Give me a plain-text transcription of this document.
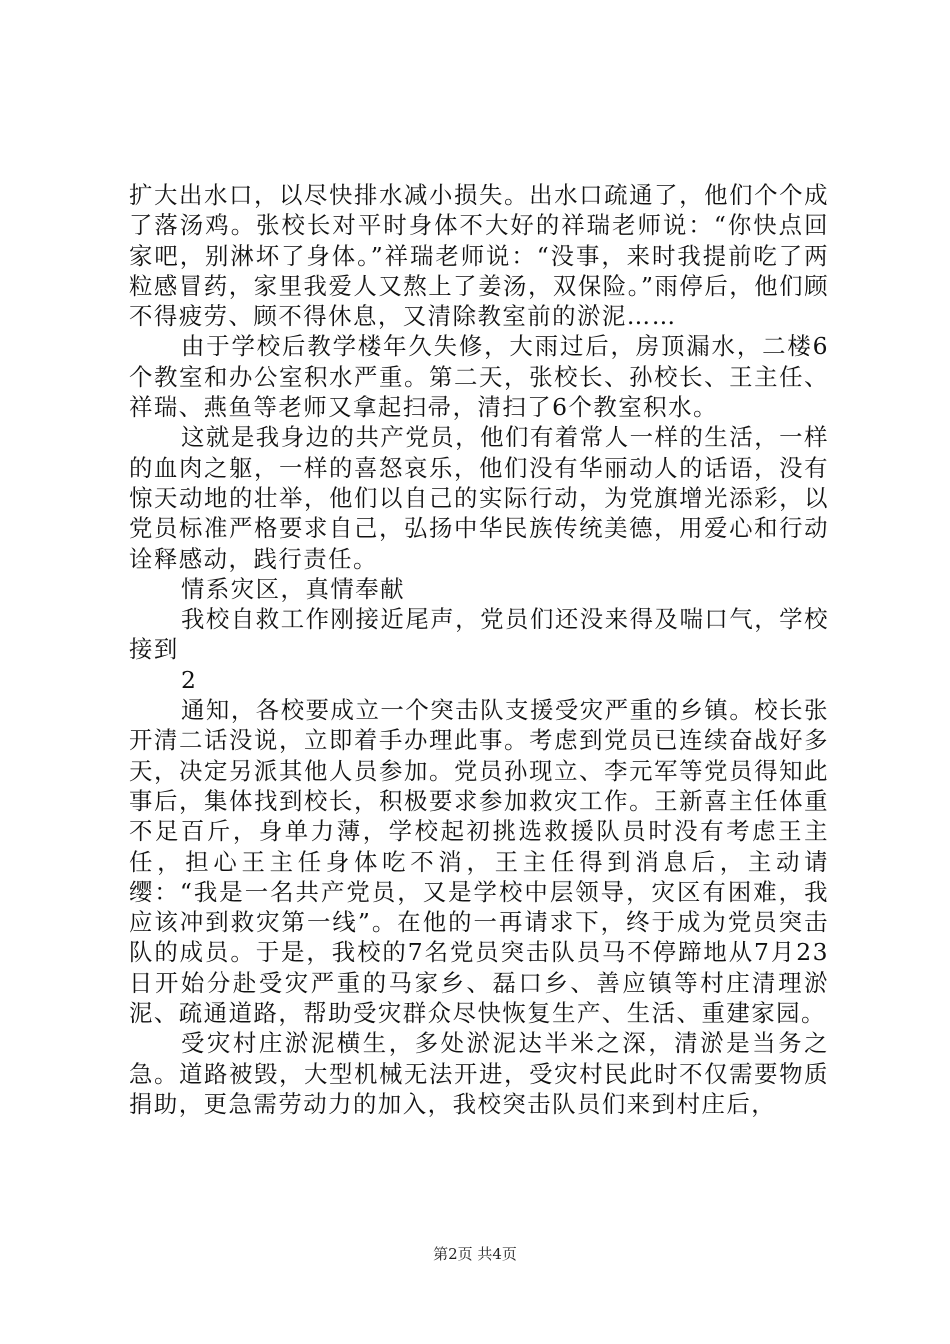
扩大出水口，以尽快排水减小损失。出水口疏通了，他们个个成了落汤鸡。张校长对平时身体不大好的祥瑞老师说：“你快点回家吧，别淋坏了身体。”祥瑞老师说：“没事，来时我提前吃了两粒感冒药，家里我爱人又熬上了姜汤，双保险。”雨停后，他们顾不得疲劳、顾不得休息，又清除教室前的淤泥……

由于学校后教学楼年久失修，大雨过后，房顶漏水，二楼6个教室和办公室积水严重。第二天，张校长、孙校长、王主任、祥瑞、燕鱼等老师又拿起扫帚，清扫了6个教室积水。

这就是我身边的共产党员，他们有着常人一样的生活，一样的血肉之躯，一样的喜怒哀乐，他们没有华丽动人的话语，没有惊天动地的壮举，他们以自己的实际行动，为党旗增光添彩，以党员标准严格要求自己，弘扬中华民族传统美德，用爱心和行动诠释感动，践行责任。

情系灾区，真情奉献

我校自救工作刚接近尾声，党员们还没来得及喘口气，学校接到

2

通知，各校要成立一个突击队支援受灾严重的乡镇。校长张开清二话没说，立即着手办理此事。考虑到党员已连续奋战好多天，决定另派其他人员参加。党员孙现立、李元军等党员得知此事后，集体找到校长，积极要求参加救灾工作。王新喜主任体重不足百斤，身单力薄，学校起初挑选救援队员时没有考虑王主任，担心王主任身体吃不消，王主任得到消息后，主动请缨：“我是一名共产党员，又是学校中层领导，灾区有困难，我应该冲到救灾第一线”。在他的一再请求下，终于成为党员突击队的成员。于是，我校的7名党员突击队员马不停蹄地从7月23日开始分赴受灾严重的马家乡、磊口乡、善应镇等村庄清理淤泥、疏通道路，帮助受灾群众尽快恢复生产、生活、重建家园。

受灾村庄淤泥横生，多处淤泥达半米之深，清淤是当务之急。道路被毁，大型机械无法开进，受灾村民此时不仅需要物质捐助，更急需劳动力的加入，我校突击队员们来到村庄后，

第2页 共4页
